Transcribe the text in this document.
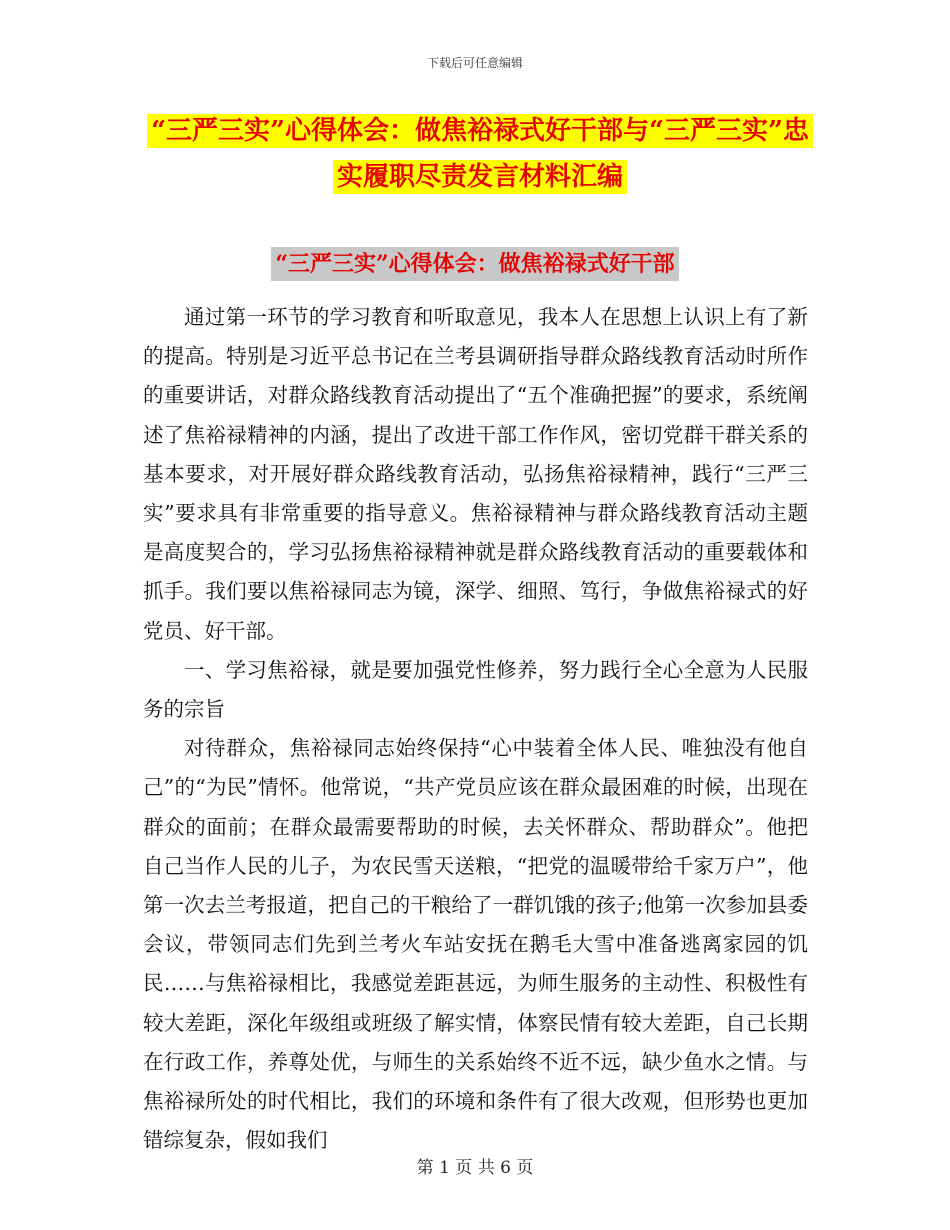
下载后可任意编辑
“三严三实”心得体会：做焦裕禄式好干部与“三严三实”忠实履职尽责发言材料汇编
“三严三实”心得体会：做焦裕禄式好干部

通过第一环节的学习教育和听取意见，我本人在思想上认识上有了新的提高。特别是习近平总书记在兰考县调研指导群众路线教育活动时所作的重要讲话，对群众路线教育活动提出了“五个准确把握”的要求，系统阐述了焦裕禄精神的内涵，提出了改进干部工作作风，密切党群干群关系的基本要求，对开展好群众路线教育活动，弘扬焦裕禄精神，践行“三严三实”要求具有非常重要的指导意义。焦裕禄精神与群众路线教育活动主题是高度契合的，学习弘扬焦裕禄精神就是群众路线教育活动的重要载体和抓手。我们要以焦裕禄同志为镜，深学、细照、笃行，争做焦裕禄式的好党员、好干部。

一、学习焦裕禄，就是要加强党性修养，努力践行全心全意为人民服务的宗旨

对待群众，焦裕禄同志始终保持“心中装着全体人民、唯独没有他自己”的“为民”情怀。他常说，“共产党员应该在群众最困难的时候，出现在群众的面前；在群众最需要帮助的时候，去关怀群众、帮助群众”。他把自己当作人民的儿子，为农民雪天送粮，“把党的温暖带给千家万户”，他第一次去兰考报道，把自己的干粮给了一群饥饿的孩子;他第一次参加县委会议，带领同志们先到兰考火车站安抚在鹅毛大雪中准备逃离家园的饥民……与焦裕禄相比，我感觉差距甚远，为师生服务的主动性、积极性有较大差距，深化年级组或班级了解实情，体察民情有较大差距，自己长期在行政工作，养尊处优，与师生的关系始终不近不远，缺少鱼水之情。与焦裕禄所处的时代相比，我们的环境和条件有了很大改观，但形势也更加错综复杂，假如我们

第 1 页 共 6 页
